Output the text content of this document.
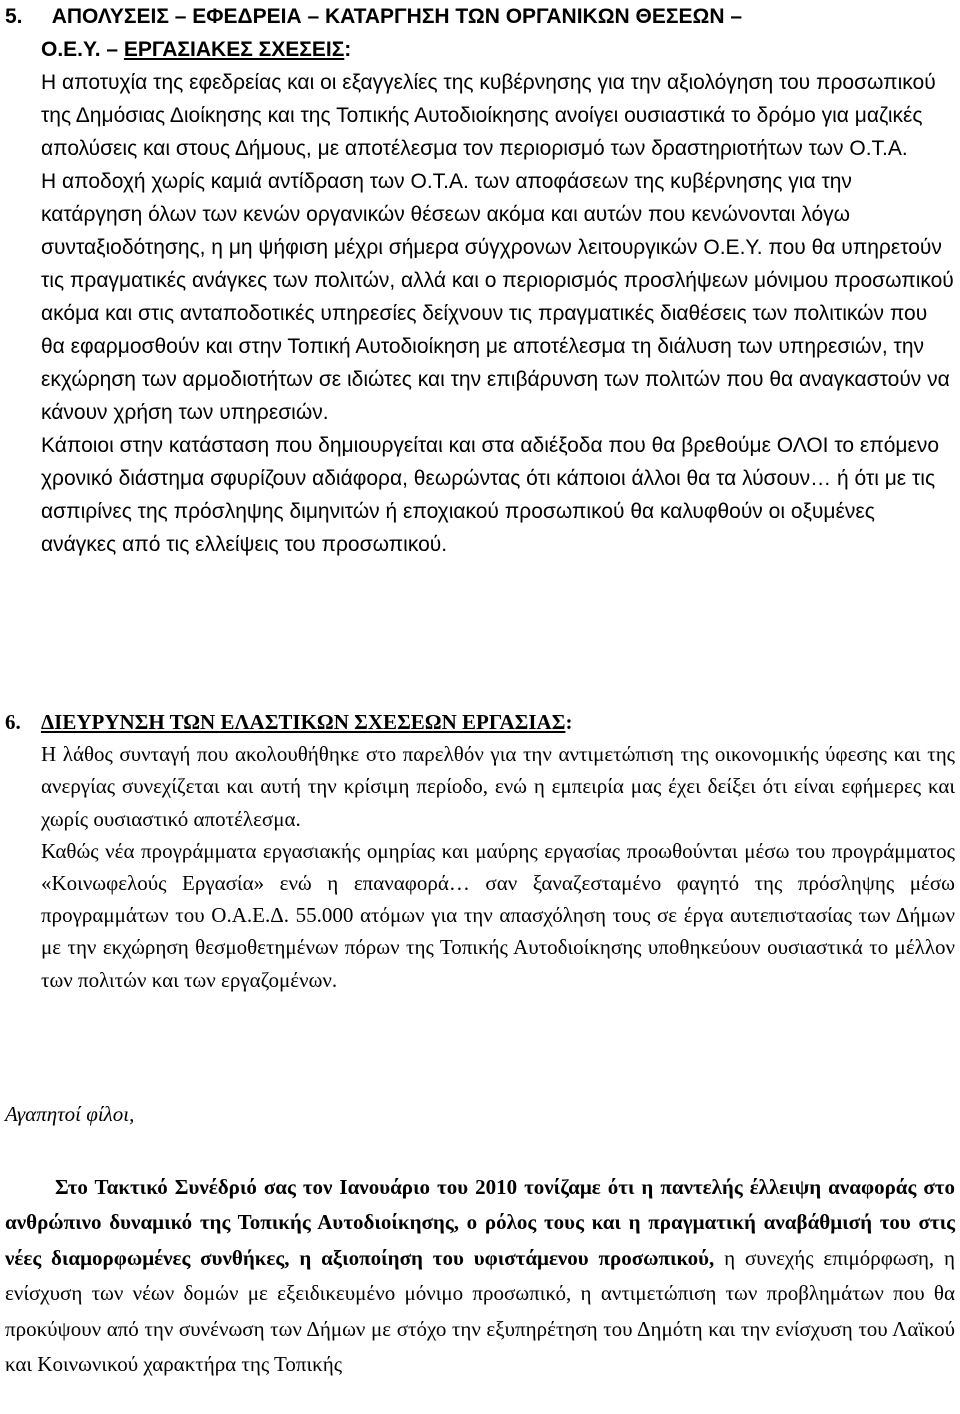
5. ΑΠΟΛΥΣΕΙΣ – ΕΦΕΔΡΕΙΑ – ΚΑΤΑΡΓΗΣΗ ΤΩΝ ΟΡΓΑΝΙΚΩΝ ΘΕΣΕΩΝ –
Ο.Ε.Υ. – ΕΡΓΑΣΙΑΚΕΣ ΣΧΕΣΕΙΣ:
Η αποτυχία της εφεδρείας και οι εξαγγελίες της κυβέρνησης για την αξιολόγηση του προσωπικού της Δημόσιας Διοίκησης και της Τοπικής Αυτοδιοίκησης ανοίγει ουσιαστικά το δρόμο για μαζικές απολύσεις και στους Δήμους, με αποτέλεσμα τον περιορισμό των δραστηριοτήτων των Ο.Τ.Α.
Η αποδοχή χωρίς καμιά αντίδραση των Ο.Τ.Α. των αποφάσεων της κυβέρνησης για την κατάργηση όλων των κενών οργανικών θέσεων ακόμα και αυτών που κενώνονται λόγω συνταξιοδότησης, η μη ψήφιση μέχρι σήμερα σύγχρονων λειτουργικών Ο.Ε.Υ. που θα υπηρετούν τις πραγματικές ανάγκες των πολιτών, αλλά και ο περιορισμός προσλήψεων μόνιμου προσωπικού ακόμα και στις ανταποδοτικές υπηρεσίες δείχνουν τις πραγματικές διαθέσεις των πολιτικών που θα εφαρμοσθούν και στην Τοπική Αυτοδιοίκηση με αποτέλεσμα τη διάλυση των υπηρεσιών, την εκχώρηση των αρμοδιοτήτων σε ιδιώτες και την επιβάρυνση των πολιτών που θα αναγκαστούν να κάνουν χρήση των υπηρεσιών.
Κάποιοι στην κατάσταση που δημιουργείται και στα αδιέξοδα που θα βρεθούμε ΟΛΟΙ το επόμενο χρονικό διάστημα σφυρίζουν αδιάφορα, θεωρώντας ότι κάποιοι άλλοι θα τα λύσουν… ή ότι με τις ασπιρίνες της πρόσληψης διμηνιτών ή εποχιακού προσωπικού θα καλυφθούν οι οξυμένες ανάγκες από τις ελλείψεις του προσωπικού.
6. ΔΙΕΥΡΥΝΣΗ ΤΩΝ ΕΛΑΣΤΙΚΩΝ ΣΧΕΣΕΩΝ ΕΡΓΑΣΙΑΣ:
Η λάθος συνταγή που ακολουθήθηκε στο παρελθόν για την αντιμετώπιση της οικονομικής ύφεσης και της ανεργίας συνεχίζεται και αυτή την κρίσιμη περίοδο, ενώ η εμπειρία μας έχει δείξει ότι είναι εφήμερες και χωρίς ουσιαστικό αποτέλεσμα.
Καθώς νέα προγράμματα εργασιακής ομηρίας και μαύρης εργασίας προωθούνται μέσω του προγράμματος «Κοινωφελούς Εργασία» ενώ η επαναφορά… σαν ξαναζεσταμένο φαγητό της πρόσληψης μέσω προγραμμάτων του Ο.Α.Ε.Δ. 55.000 ατόμων για την απασχόληση τους σε έργα αυτεπιστασίας των Δήμων με την εκχώρηση θεσμοθετημένων πόρων της Τοπικής Αυτοδιοίκησης υποθηκεύουν ουσιαστικά το μέλλον των πολιτών και των εργαζομένων.
Αγαπητοί φίλοι,
Στο Τακτικό Συνέδριό σας τον Ιανουάριο του 2010 τονίζαμε ότι η παντελής έλλειψη αναφοράς στο ανθρώπινο δυναμικό της Τοπικής Αυτοδιοίκησης, ο ρόλος τους και η πραγματική αναβάθμισή του στις νέες διαμορφωμένες συνθήκες, η αξιοποίηση του υφιστάμενου προσωπικού, η συνεχής επιμόρφωση, η ενίσχυση των νέων δομών με εξειδικευμένο μόνιμο προσωπικό, η αντιμετώπιση των προβλημάτων που θα προκύψουν από την συνένωση των Δήμων με στόχο την εξυπηρέτηση του Δημότη και την ενίσχυση του Λαϊκού και Κοινωνικού χαρακτήρα της Τοπικής
